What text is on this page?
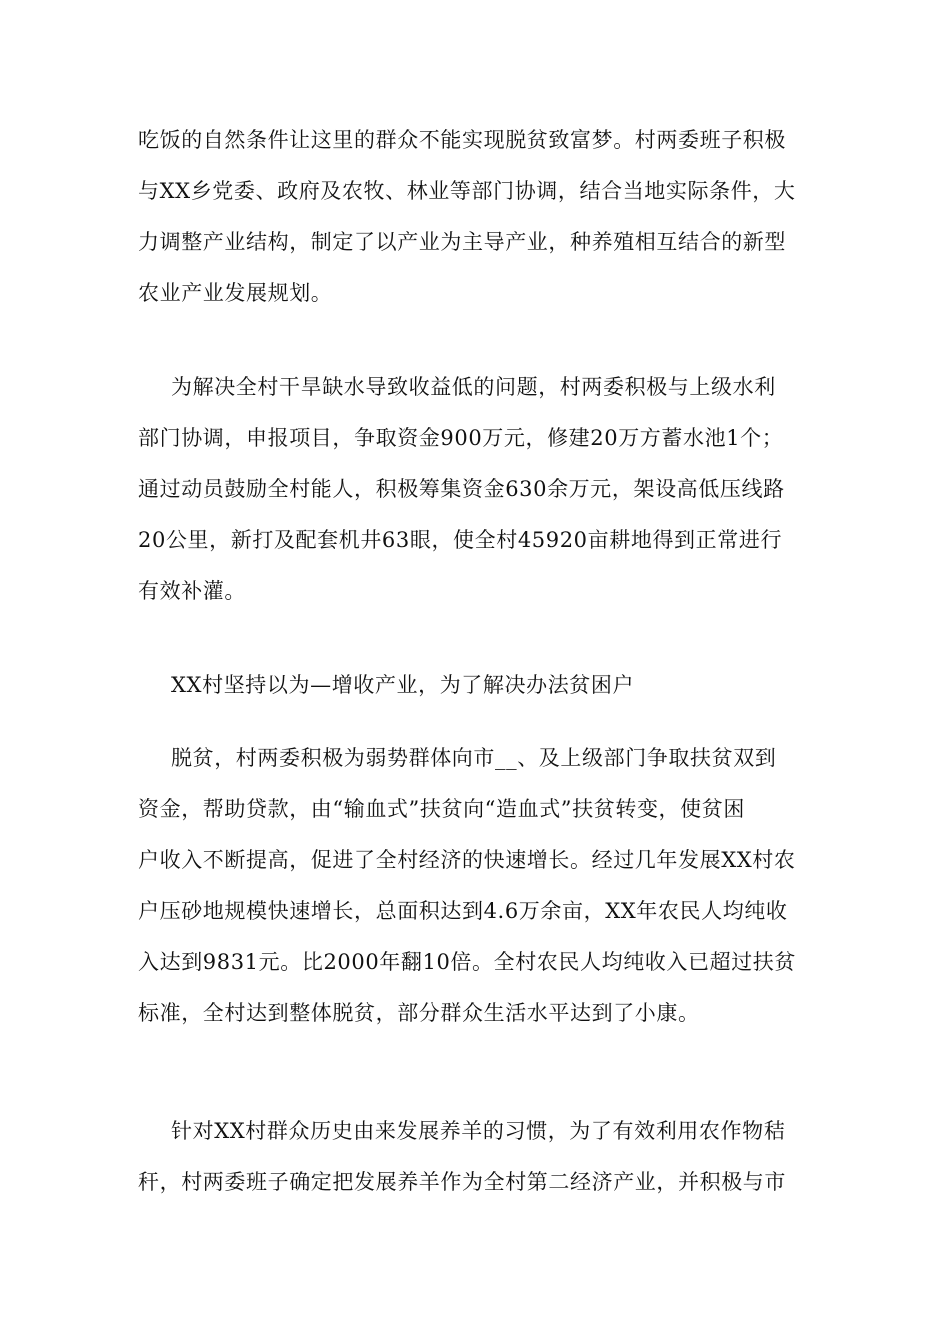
吃饭的自然条件让这里的群众不能实现脱贫致富梦。村两委班子积极
与XX乡党委、政府及农牧、林业等部门协调，结合当地实际条件，大
力调整产业结构，制定了以产业为主导产业，种养殖相互结合的新型
农业产业发展规划。
为解决全村干旱缺水导致收益低的问题，村两委积极与上级水利
部门协调，申报项目，争取资金900万元，修建20万方蓄水池1个；
通过动员鼓励全村能人，积极筹集资金630余万元，架设高低压线路
20公里，新打及配套机井63眼，使全村45920亩耕地得到正常进行
有效补灌。
XX村坚持以为—增收产业，为了解决办法贫困户
脱贫，村两委积极为弱势群体向市__、及上级部门争取扶贫双到
资金，帮助贷款，由“输血式”扶贫向“造血式”扶贫转变，使贫困
户收入不断提高，促进了全村经济的快速增长。经过几年发展XX村农
户压砂地规模快速增长，总面积达到4.6万余亩，XX年农民人均纯收
入达到9831元。比2000年翻10倍。全村农民人均纯收入已超过扶贫
标准，全村达到整体脱贫，部分群众生活水平达到了小康。
针对XX村群众历史由来发展养羊的习惯，为了有效利用农作物秸
秆，村两委班子确定把发展养羊作为全村第二经济产业，并积极与市
